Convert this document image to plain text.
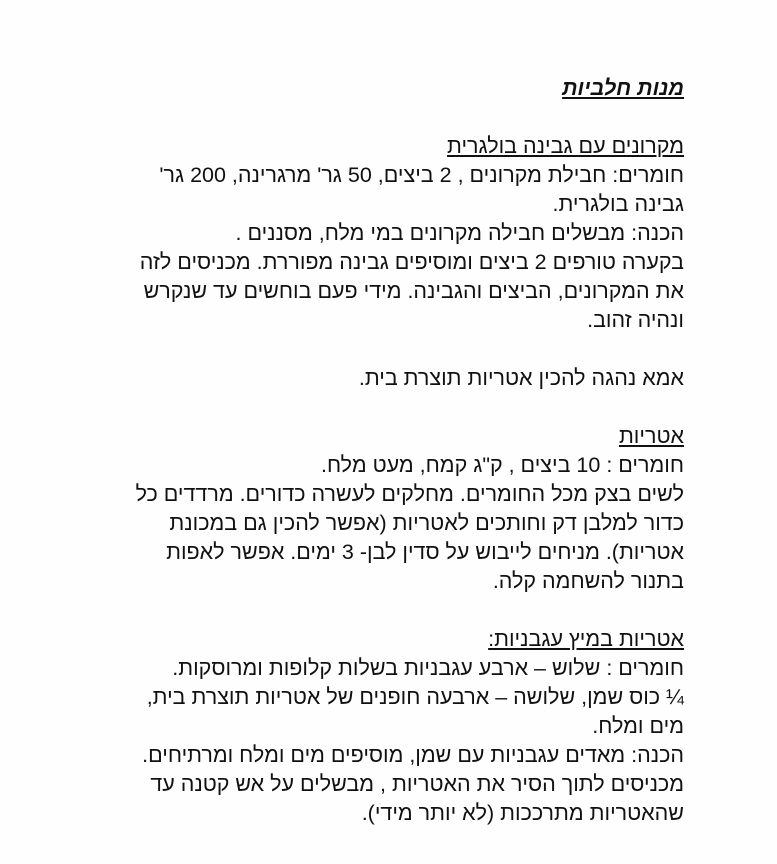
מנות חלביות

מקרונים עם גבינה בולגרית

חומרים: חבילת מקרונים , 2 ביצים, 50 גר' מרגרינה, 200 גר'

גבינה בולגרית.

הכנה: מבשלים חבילה מקרונים במי מלח, מסננים .

בקערה טורפים 2 ביצים ומוסיפים גבינה מפוררת. מכניסים לזה

את המקרונים, הביצים והגבינה. מידי פעם בוחשים עד שנקרש

ונהיה זהוב.

אמא נהגה להכין אטריות תוצרת בית.

אטריות

חומרים : 10 ביצים , ק"ג קמח, מעט מלח.

לשים בצק מכל החומרים. מחלקים לעשרה כדורים. מרדדים כל

כדור למלבן דק וחותכים לאטריות (אפשר להכין גם במכונת

אטריות). מניחים לייבוש על סדין לבן- 3 ימים. אפשר לאפות

בתנור להשחמה קלה.

אטריות במיץ עגבניות:

חומרים : שלוש – ארבע עגבניות בשלות קלופות ומרוסקות.

¼ כוס שמן, שלושה – ארבעה חופנים של אטריות תוצרת בית,

מים ומלח.

הכנה: מאדים עגבניות עם שמן, מוסיפים מים ומלח ומרתיחים.

מכניסים לתוך הסיר את האטריות , מבשלים על אש קטנה עד

שהאטריות מתרככות (לא יותר מידי).
